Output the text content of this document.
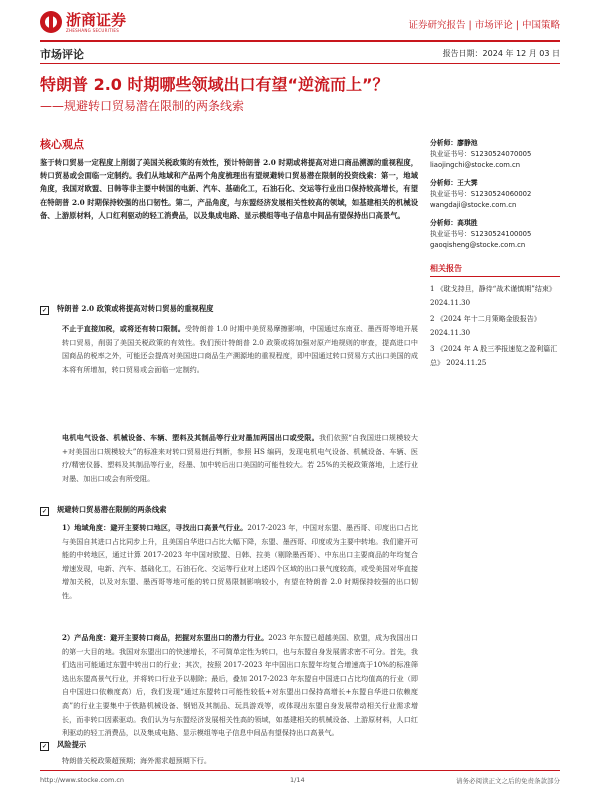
浙商证券
ZHESHANG SECURITIES	证券研究报告 | 市场评论 | 中国策略
市场评论	报告日期：2024 年 12 月 03 日
特朗普 2.0 时期哪些领域出口有望“逆流而上”？
——规避转口贸易潜在限制的两条线索
核心观点
鉴于转口贸易一定程度上削弱了美国关税政策的有效性，预计特朗普 2.0 时期或将提高对进口商品溯源的重视程度，转口贸易或会面临一定制约。我们从地域和产品两个角度梳理出有望规避转口贸易潜在限制的投资线索：第一，地域角度，我国对欧盟、日韩等非主要中转国的电新、汽车、基础化工，石油石化、交运等行业出口保持较高增长，有望在特朗普 2.0 时期保持较强的出口韧性。第二，产品角度，与东盟经济发展相关性较高的领域，如基建相关的机械设备、上游原材料，人口红利驱动的轻工消费品，以及集成电路、显示模组等电子信息中间品有望保持出口高景气。
✓ 特朗普 2.0 政策或将提高对转口贸易的重视程度
不止于直接加税，或将还有转口限制。受特朗普 1.0 时期中美贸易摩擦影响，中国通过东南亚、墨西哥等地开展转口贸易，削弱了美国关税政策的有效性。我们预计特朗普 2.0 政策或将加强对原产地规则的审查，提高进口中国商品的税率之外，可能还会提高对美国进口商品生产溯源地的重视程度，即中国通过转口贸易方式出口美国的成本将有所增加，转口贸易或会面临一定制约。
电机电气设备、机械设备、车辆、塑料及其制品等行业对墨加两国出口或受限。我们依照“自我国进口规模较大+对美国出口规模较大”的标准来对转口贸易进行判断，参照 HS 编码，发现电机电气设备、机械设备、车辆、医疗/精密仪器、塑料及其制品等行业，经墨、加中转后出口美国的可能性较大。若 25%的关税政策落地，上述行业对墨、加出口或会有所受阻。
✓ 规避转口贸易潜在限制的两条线索
1）地域角度：避开主要转口地区，寻找出口高景气行业。2017-2023 年，中国对东盟、墨西哥、印度出口占比与美国自其进口占比同步上升，且美国自华进口占比大幅下降，东盟、墨西哥、印度或为主要中转地。我们避开可能的中转地区，通过计算 2017-2023 年中国对欧盟、日韩、拉美（剔除墨西哥）、中东出口主要商品的年均复合增速发现，电新、汽车、基础化工，石油石化、交运等行业对上述四个区域的出口景气度较高，或受美国对华直接增加关税，以及对东盟、墨西哥等地可能的转口贸易限制影响较小，有望在特朗普 2.0 时期保持较强的出口韧性。
2）产品角度：避开主要转口商品，把握对东盟出口的潜力行业。2023 年东盟已超越美国、欧盟，成为我国出口的第一大目的地。我国对东盟出口的快速增长，不可简单定性为转口，也与东盟自身发展需求密不可分。首先，我们选出可能通过东盟中转出口的行业；其次，按照 2017-2023 年中国出口东盟年均复合增速高于10%的标准筛选出东盟高景气行业，并将转口行业予以剔除；最后，叠加 2017-2023 年东盟自中国进口占比均值高的行业（即自中国进口依赖度高）后，我们发现“通过东盟转口可能性较低+对东盟出口保持高增长+东盟自华进口依赖度高”的行业主要集中于铁路机械设备、钢铝及其制品、玩具游戏等，或体现出东盟自身发展带动相关行业需求增长，而非转口因素驱动。我们认为与东盟经济发展相关性高的领域，如基建相关的机械设备、上游原材料，人口红利驱动的轻工消费品，以及集成电路、显示模组等电子信息中间品有望保持出口高景气。
✓ 风险提示
特朗普关税政策超预期；海外需求超预期下行。
分析师：廖静池
执业证书号：S1230524070005
liaojingchi@stocke.com.cn
分析师：王大霁
执业证书号：S1230524060002
wangdaji@stocke.com.cn
分析师：高琪胜
执业证书号：S1230524100005
gaoqisheng@stocke.com.cn
相关报告
1 《耽戈持旦，静待“战术谨慎期”结束》 2024.11.30
2 《2024 年十二月策略金股报告》 2024.11.30
3 《2024 年 A 股三季报速览之盈利篇汇总》 2024.11.25
http://www.stocke.com.cn	1/14	请务必阅读正文之后的免责条款部分
